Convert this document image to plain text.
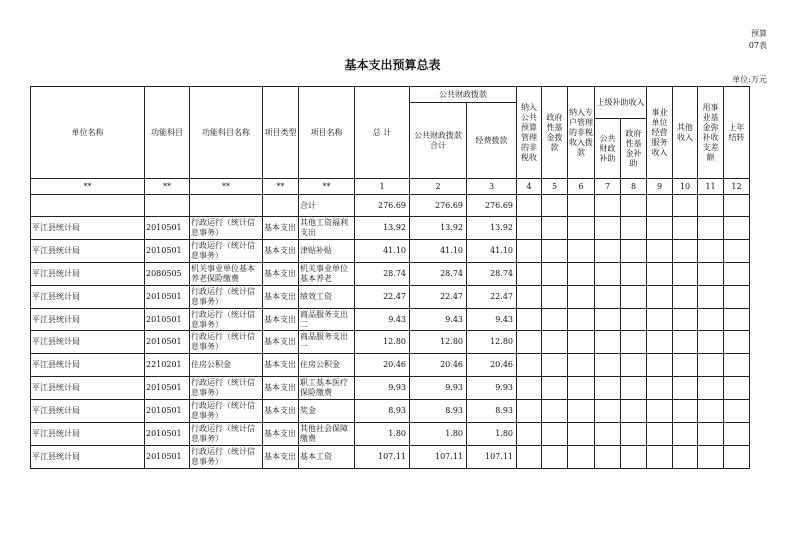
预算
07表
基本支出预算总表
单位:万元
单位名称	功能科目	功能科目名称	项目类型	项目名称	总 计	公共财政拨款		纳入公共预算管理的非税收	政府性基金拨款	纳入专户管理的非税收入拨款	上级补助收入		事业单位经营服务收入	其他收入	用事业基金弥补收支差额	上年结转
						公共财政拨款合计	经费拨款									
											公共财政补助	政府性基金补助				

**	**	**	**	**	1	2	3	4	5	6	7	8	9	10	11	12
				合计	276.69	276.69	276.69									
平江县统计局	2010501	行政运行（统计信息事务）	基本支出	其他工资福利支出	13.92	13.92	13.92									
平江县统计局	2010501	行政运行（统计信息事务）	基本支出	津贴补贴	41.10	41.10	41.10									
平江县统计局	2080505	机关事业单位基本养老保险缴费	基本支出	机关事业单位基本养老	28.74	28.74	28.74									
平江县统计局	2010501	行政运行（统计信息事务）	基本支出	绩效工资	22.47	22.47	22.47									
平江县统计局	2010501	行政运行（统计信息事务）	基本支出	商品服务支出二	9.43	9.43	9.43									
平江县统计局	2010501	行政运行（统计信息事务）	基本支出	商品服务支出一	12.80	12.80	12.80									
平江县统计局	2210201	住房公积金	基本支出	住房公积金	20.46	20.46	20.46									
平江县统计局	2010501	行政运行（统计信息事务）	基本支出	职工基本医疗保险缴费	9.93	9.93	9.93									
平江县统计局	2010501	行政运行（统计信息事务）	基本支出	奖金	8.93	8.93	8.93									
平江县统计局	2010501	行政运行（统计信息事务）	基本支出	其他社会保障缴费	1.80	1.80	1.80									
平江县统计局	2010501	行政运行（统计信息事务）	基本支出	基本工资	107.11	107.11	107.11									
